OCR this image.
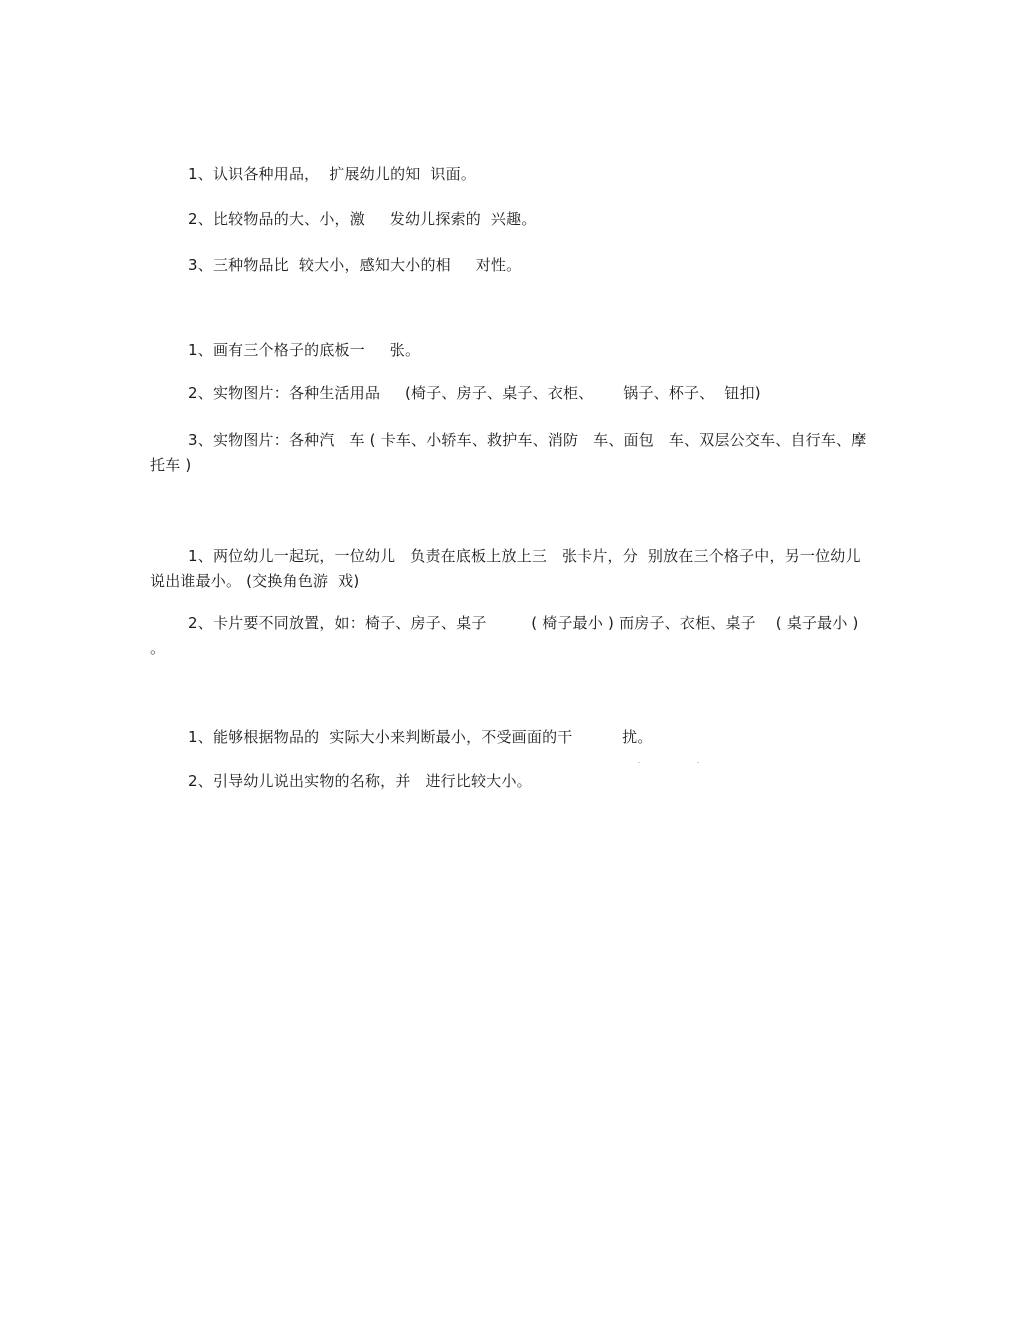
1、认识各种用品，  扩展幼儿的知  识面。
2、比较物品的大、小，激     发幼儿探索的  兴趣。
3、三种物品比  较大小，感知大小的相     对性。
1、画有三个格子的底板一     张。
2、实物图片：各种生活用品     (椅子、房子、桌子、衣柜、      锅子、杯子、  钮扣)
3、实物图片：各种汽   车 ( 卡车、小轿车、救护车、消防   车、面包   车、双层公交车、自行车、摩托车 )
1、两位幼儿一起玩，一位幼儿   负责在底板上放上三   张卡片，分  别放在三个格子中，另一位幼儿  说出谁最小。 (交换角色游  戏)
2、卡片要不同放置，如：椅子、房子、桌子         ( 椅子最小 ) 而房子、衣柜、桌子    ( 桌子最小 ) 。
1、能够根据物品的  实际大小来判断最小，不受画面的干          扰。
2、引导幼儿说出实物的名称，并   进行比较大小。
